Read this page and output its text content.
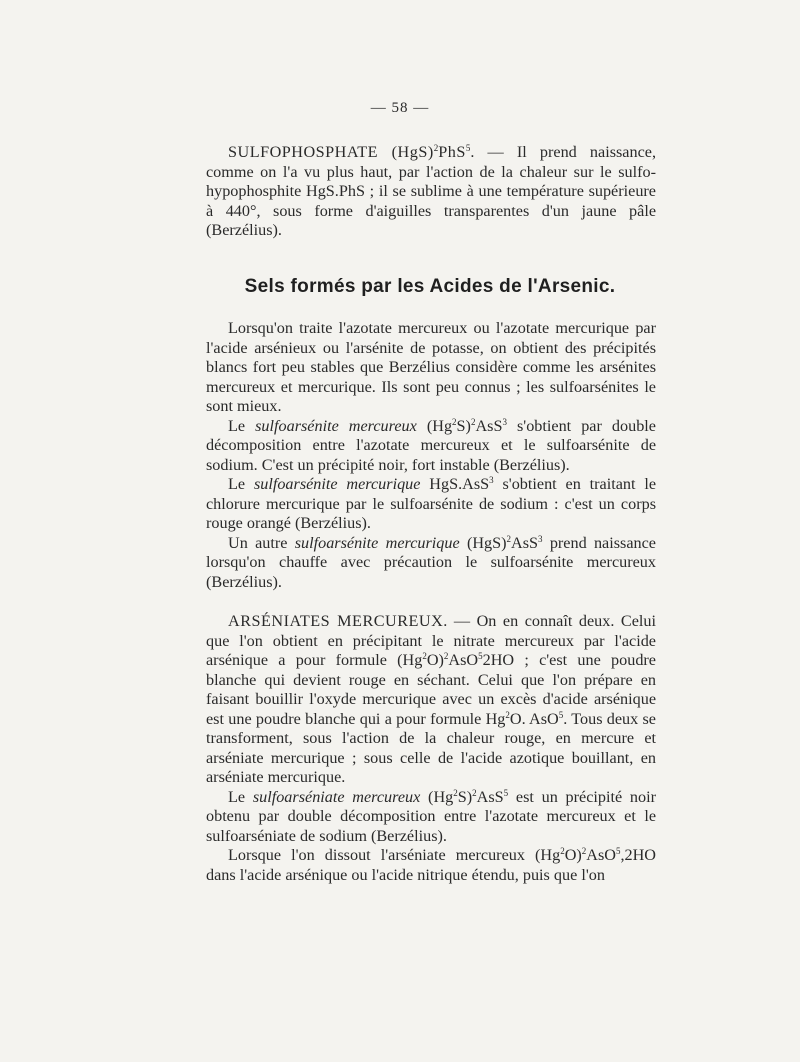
— 58 —

SULFOPHOSPHATE (HgS)$^2$PhS$^5$. — Il prend naissance, comme on l'a vu plus haut, par l'action de la chaleur sur le sulfo-hypophosphite HgS.PhS ; il se sublime à une température supérieure à 440°, sous forme d'aiguilles transparentes d'un jaune pâle (Berzélius).

Sels formés par les Acides de l'Arsenic.

Lorsqu'on traite l'azotate mercureux ou l'azotate mercurique par l'acide arsénieux ou l'arsénite de potasse, on obtient des précipités blancs fort peu stables que Berzélius considère comme les arsénites mercureux et mercurique. Ils sont peu connus ; les sulfoarsénites le sont mieux.

Le sulfoarsénite mercureux $(Hg^2S)^2AsS^3$ s'obtient par double décomposition entre l'azotate mercureux et le sulfoarsénite de sodium. C'est un précipité noir, fort instable (Berzélius).

Le sulfoarsénite mercurique HgS.AsS$^3$ s'obtient en traitant le chlorure mercurique par le sulfoarsénite de sodium : c'est un corps rouge orangé (Berzélius).

Un autre sulfoarsénite mercurique (HgS)$^2$AsS$^3$ prend naissance lorsqu'on chauffe avec précaution le sulfoarsénite mercureux (Berzélius).

ARSÉNIATES MERCUREUX. — On en connaît deux. Celui que l'on obtient en précipitant le nitrate mercureux par l'acide arsénique a pour formule $(Hg^2O)^2AsO^52HO$ ; c'est une poudre blanche qui devient rouge en séchant. Celui que l'on prépare en faisant bouillir l'oxyde mercurique avec un excès d'acide arsénique est une poudre blanche qui a pour formule Hg$^2$O. AsO$^5$. Tous deux se transforment, sous l'action de la chaleur rouge, en mercure et arséniate mercurique ; sous celle de l'acide azotique bouillant, en arséniate mercurique.

Le sulfoarséniate mercureux $(Hg^2S)^2AsS^5$ est un précipité noir obtenu par double décomposition entre l'azotate mercureux et le sulfoarséniate de sodium (Berzélius).

Lorsque l'on dissout l'arséniate mercureux $(Hg^2O)^2AsO^5,2HO$ dans l'acide arsénique ou l'acide nitrique étendu, puis que l'on
